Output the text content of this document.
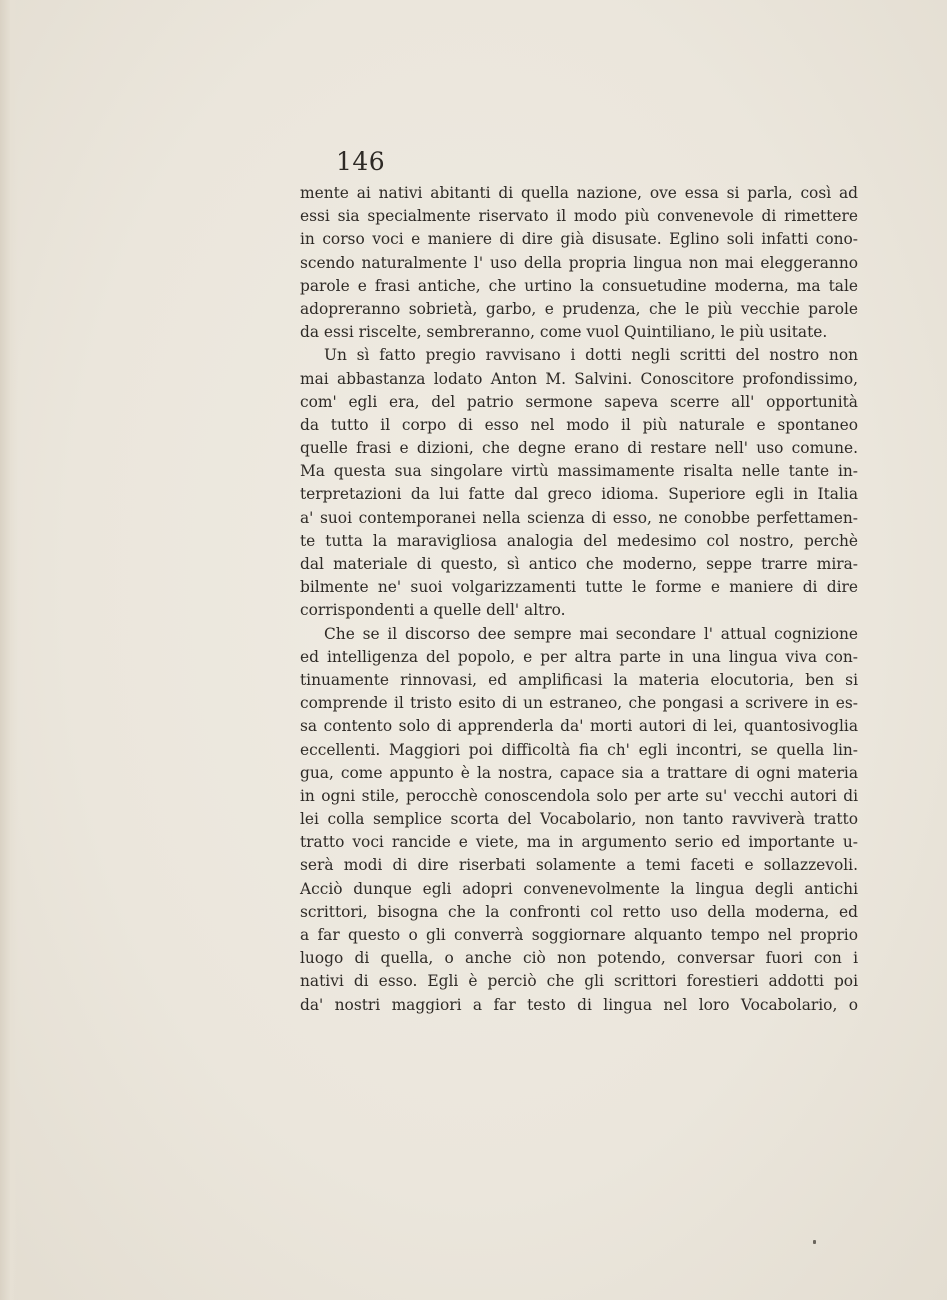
146
mente ai nativi abitanti di quella nazione, ove essa si parla, così ad
essi sia specialmente riservato il modo più convenevole di rimettere
in corso voci e maniere di dire già disusate. Eglino soli infatti cono-
scendo naturalmente l' uso della propria lingua non mai eleggeranno
parole e frasi antiche, che urtino la consuetudine moderna, ma tale
adopreranno sobrietà, garbo, e prudenza, che le più vecchie parole
da essi riscelte, sembreranno, come vuol Quintiliano, le più usitate.
Un sì fatto pregio ravvisano i dotti negli scritti del nostro non
mai abbastanza lodato Anton M. Salvini. Conoscitore profondissimo,
com' egli era, del patrio sermone sapeva scerre all' opportunità
da tutto il corpo di esso nel modo il più naturale e spontaneo
quelle frasi e dizioni, che degne erano di restare nell' uso comune.
Ma questa sua singolare virtù massimamente risalta nelle tante in-
terpretazioni da lui fatte dal greco idioma. Superiore egli in Italia
a' suoi contemporanei nella scienza di esso, ne conobbe perfettamen-
te tutta la maravigliosa analogia del medesimo col nostro, perchè
dal materiale di questo, sì antico che moderno, seppe trarre mira-
bilmente ne' suoi volgarizzamenti tutte le forme e maniere di dire
corrispondenti a quelle dell' altro.
Che se il discorso dee sempre mai secondare l' attual cognizione
ed intelligenza del popolo, e per altra parte in una lingua viva con-
tinuamente rinnovasi, ed amplificasi la materia elocutoria, ben si
comprende il tristo esito di un estraneo, che pongasi a scrivere in es-
sa contento solo di apprenderla da' morti autori di lei, quantosivoglia
eccellenti. Maggiori poi difficoltà fia ch' egli incontri, se quella lin-
gua, come appunto è la nostra, capace sia a trattare di ogni materia
in ogni stile, perocchè conoscendola solo per arte su' vecchi autori di
lei colla semplice scorta del Vocabolario, non tanto ravviverà tratto
tratto voci rancide e viete, ma in argumento serio ed importante u-
serà modi di dire riserbati solamente a temi faceti e sollazzevoli.
Acciò dunque egli adopri convenevolmente la lingua degli antichi
scrittori, bisogna che la confronti col retto uso della moderna, ed
a far questo o gli converrà soggiornare alquanto tempo nel proprio
luogo di quella, o anche ciò non potendo, conversar fuori con i
nativi di esso. Egli è perciò che gli scrittori forestieri addotti poi
da' nostri maggiori a far testo di lingua nel loro Vocabolario, o
